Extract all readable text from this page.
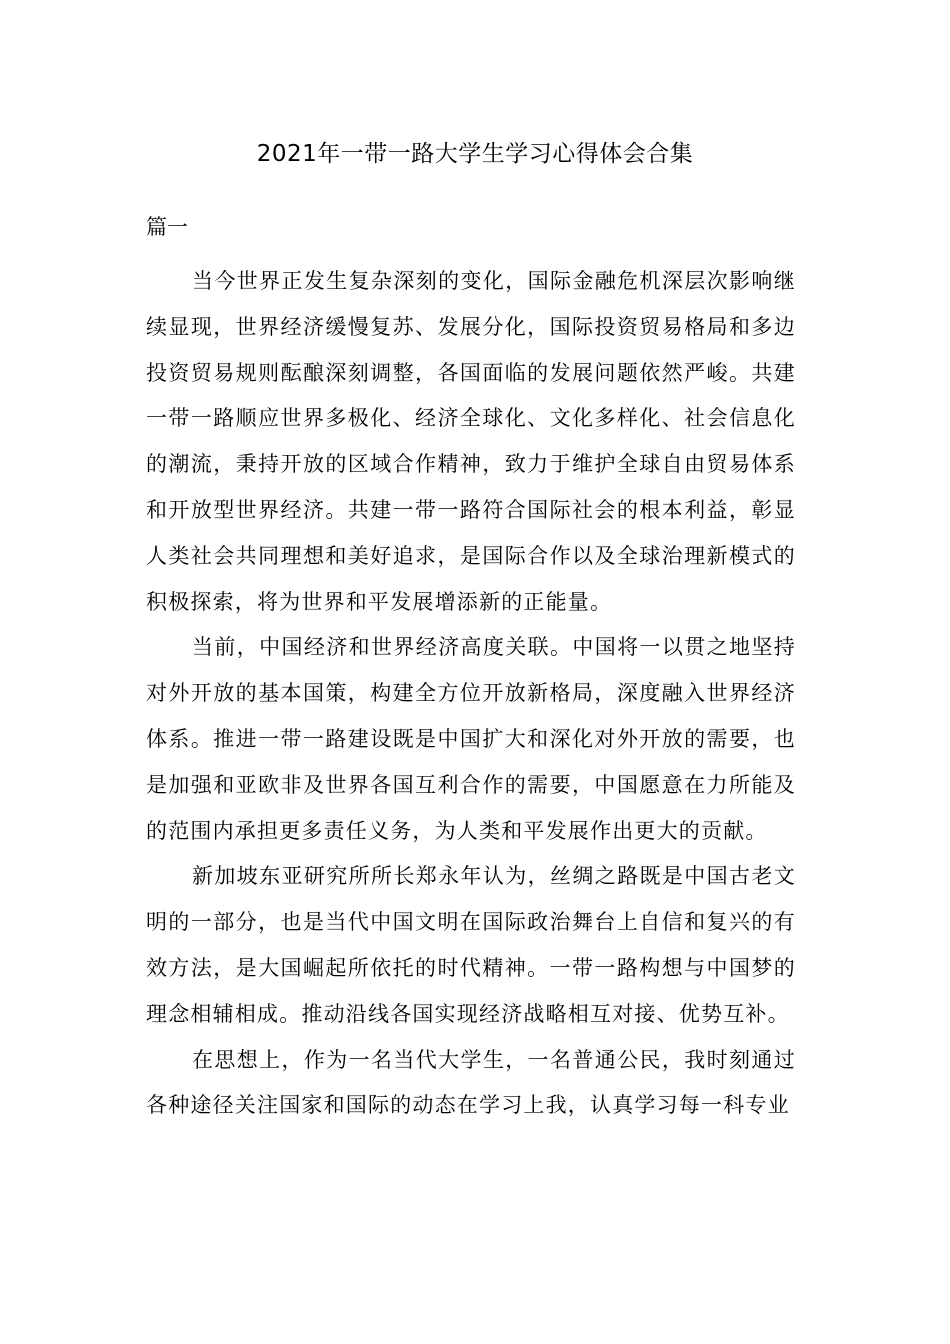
2021年一带一路大学生学习心得体会合集

篇一

当今世界正发生复杂深刻的变化，国际金融危机深层次影响继续显现，世界经济缓慢复苏、发展分化，国际投资贸易格局和多边投资贸易规则酝酿深刻调整，各国面临的发展问题依然严峻。共建一带一路顺应世界多极化、经济全球化、文化多样化、社会信息化的潮流，秉持开放的区域合作精神，致力于维护全球自由贸易体系和开放型世界经济。共建一带一路符合国际社会的根本利益，彰显人类社会共同理想和美好追求，是国际合作以及全球治理新模式的积极探索，将为世界和平发展增添新的正能量。

当前，中国经济和世界经济高度关联。中国将一以贯之地坚持对外开放的基本国策，构建全方位开放新格局，深度融入世界经济体系。推进一带一路建设既是中国扩大和深化对外开放的需要，也是加强和亚欧非及世界各国互利合作的需要，中国愿意在力所能及的范围内承担更多责任义务，为人类和平发展作出更大的贡献。

新加坡东亚研究所所长郑永年认为，丝绸之路既是中国古老文明的一部分，也是当代中国文明在国际政治舞台上自信和复兴的有效方法，是大国崛起所依托的时代精神。一带一路构想与中国梦的理念相辅相成。推动沿线各国实现经济战略相互对接、优势互补。

在思想上，作为一名当代大学生，一名普通公民，我时刻通过各种途径关注国家和国际的动态在学习上我，认真学习每一科专业
